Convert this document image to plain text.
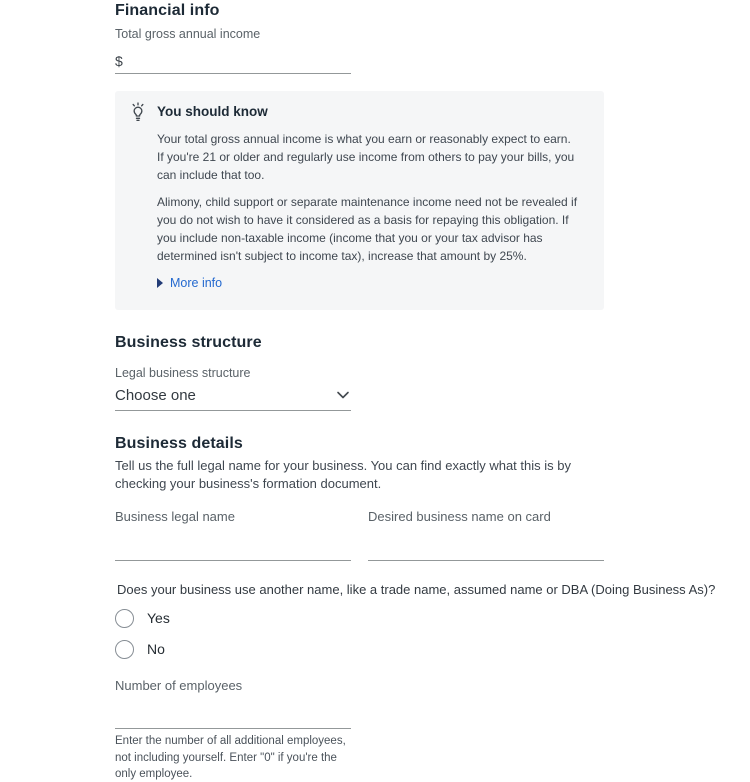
Financial info
Total gross annual income
$
You should know

Your total gross annual income is what you earn or reasonably expect to earn. If you're 21 or older and regularly use income from others to pay your bills, you can include that too.

Alimony, child support or separate maintenance income need not be revealed if you do not wish to have it considered as a basis for repaying this obligation. If you include non-taxable income (income that you or your tax advisor has determined isn't subject to income tax), increase that amount by 25%.

More info
Business structure
Legal business structure
Choose one
Business details

Tell us the full legal name for your business. You can find exactly what this is by checking your business's formation document.

Business legal name	Desired business name on card
Does your business use another name, like a trade name, assumed name or DBA (Doing Business As)?
Yes
No
Number of employees
Enter the number of all additional employees, not including yourself. Enter "0" if you're the only employee.
